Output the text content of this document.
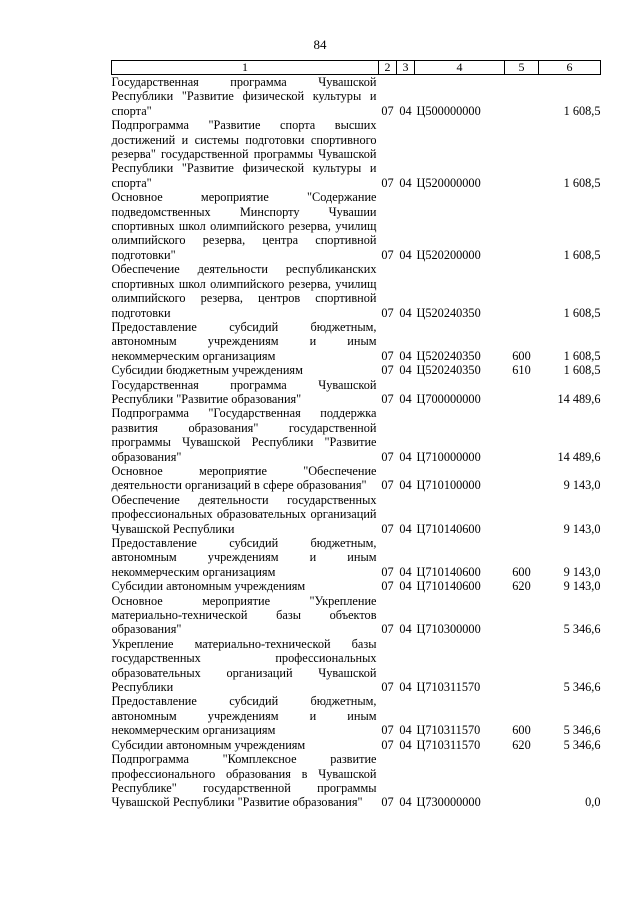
84
1	2	3	4	5	6
Государственная программа Чувашской Республики "Развитие физической культуры и спорта"	07	04	Ц500000000		1 608,5
Подпрограмма "Развитие спорта высших достижений и системы подготовки спортивного резерва" государственной программы Чувашской Республики "Развитие физической культуры и спорта"	07	04	Ц520000000		1 608,5
Основное мероприятие "Содержание подведомственных Минспорту Чувашии спортивных школ олимпийского резерва, училищ олимпийского резерва, центра спортивной подготовки"	07	04	Ц520200000		1 608,5
Обеспечение деятельности республиканских спортивных школ олимпийского резерва, училищ олимпийского резерва, центров спортивной подготовки	07	04	Ц520240350		1 608,5
Предоставление субсидий бюджетным, автономным учреждениям и иным некоммерческим организациям	07	04	Ц520240350	600	1 608,5
Субсидии бюджетным учреждениям	07	04	Ц520240350	610	1 608,5
Государственная программа Чувашской Республики "Развитие образования"	07	04	Ц700000000		14 489,6
Подпрограмма "Государственная поддержка развития образования" государственной программы Чувашской Республики "Развитие образования"	07	04	Ц710000000		14 489,6
Основное мероприятие "Обеспечение деятельности организаций в сфере образования"	07	04	Ц710100000		9 143,0
Обеспечение деятельности государственных профессиональных образовательных организаций Чувашской Республики	07	04	Ц710140600		9 143,0
Предоставление субсидий бюджетным, автономным учреждениям и иным некоммерческим организациям	07	04	Ц710140600	600	9 143,0
Субсидии автономным учреждениям	07	04	Ц710140600	620	9 143,0
Основное мероприятие "Укрепление материально-технической базы объектов образования"	07	04	Ц710300000		5 346,6
Укрепление материально-технической базы государственных профессиональных образовательных организаций Чувашской Республики	07	04	Ц710311570		5 346,6
Предоставление субсидий бюджетным, автономным учреждениям и иным некоммерческим организациям	07	04	Ц710311570	600	5 346,6
Субсидии автономным учреждениям	07	04	Ц710311570	620	5 346,6
Подпрограмма "Комплексное развитие профессионального образования в Чувашской Республике" государственной программы Чувашской Республики "Развитие образования"	07	04	Ц730000000		0,0
